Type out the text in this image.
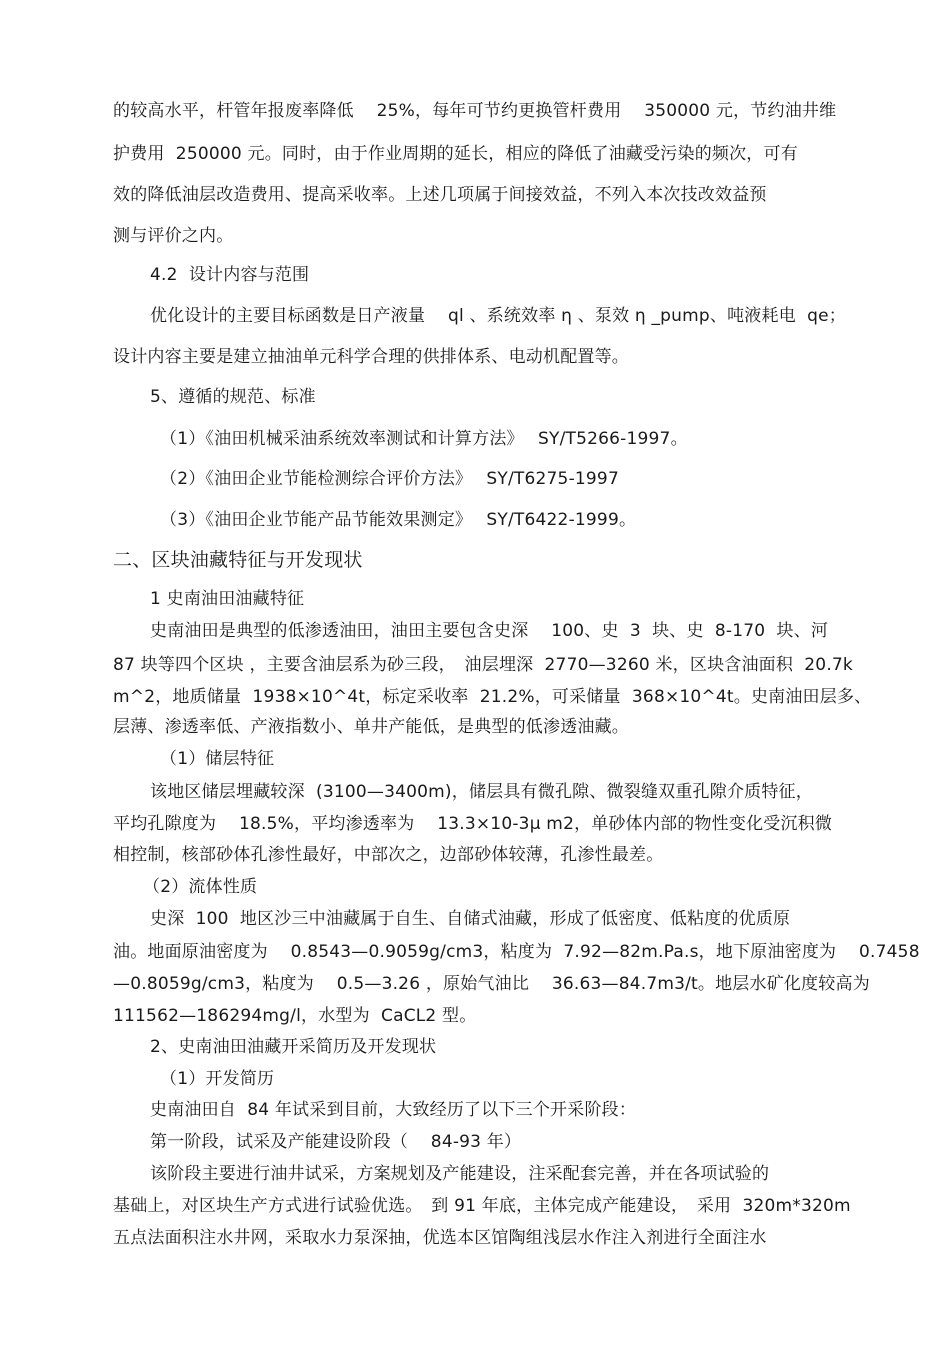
的较高水平，杆管年报废率降低　 25%，每年可节约更换管杆费用　 350000 元，节约油井维
护费用  250000 元。同时，由于作业周期的延长，相应的降低了油藏受污染的频次，可有
效的降低油层改造费用、提高采收率。上述几项属于间接效益，不列入本次技改效益预
测与评价之内。
4.2  设计内容与范围
优化设计的主要目标函数是日产液量　 ql 、系统效率 η 、泵效 η _pump、吨液耗电  qe；
设计内容主要是建立抽油单元科学合理的供排体系、电动机配置等。
5、遵循的规范、标准
（1）《油田机械采油系统效率测试和计算方法》　 SY/T5266-1997。
（2）《油田企业节能检测综合评价方法》　 SY/T6275-1997
（3）《油田企业节能产品节能效果测定》　 SY/T6422-1999。
二、区块油藏特征与开发现状
1 史南油田油藏特征
史南油田是典型的低渗透油田，油田主要包含史深　 100、史  3  块、史  8-170  块、河
87 块等四个区块 ，主要含油层系为砂三段，　油层埋深  2770—3260 米，区块含油面积  20.7k
m^2，地质储量  1938×10^4t，标定采收率  21.2%，可采储量  368×10^4t。史南油田层多、
层薄、渗透率低、产液指数小、单井产能低，是典型的低渗透油藏。
（1）储层特征
该地区储层埋藏较深  (3100—3400m)，储层具有微孔隙、微裂缝双重孔隙介质特征，
平均孔隙度为　 18.5%，平均渗透率为　 13.3×10-3μ m2，单砂体内部的物性变化受沉积微
相控制，核部砂体孔渗性最好，中部次之，边部砂体较薄，孔渗性最差。
（2）流体性质
史深  100  地区沙三中油藏属于自生、自储式油藏，形成了低密度、低粘度的优质原
油。地面原油密度为　 0.8543—0.9059g/cm3，粘度为  7.92—82m.Pa.s，地下原油密度为　 0.7458
—0.8059g/cm3，粘度为　 0.5—3.26 ，原始气油比　 36.63—84.7m3/t。地层水矿化度较高为
111562—186294mg/l，水型为  CaCL2 型。
2、史南油田油藏开采简历及开发现状
（1）开发简历
史南油田自  84 年试采到目前，大致经历了以下三个开采阶段：
第一阶段，试采及产能建设阶段（　 84-93 年）
该阶段主要进行油井试采，方案规划及产能建设，注采配套完善，并在各项试验的
基础上，对区块生产方式进行试验优选。　到 91 年底，主体完成产能建设，　采用  320m*320m
五点法面积注水井网，采取水力泵深抽，优选本区馆陶组浅层水作注入剂进行全面注水
